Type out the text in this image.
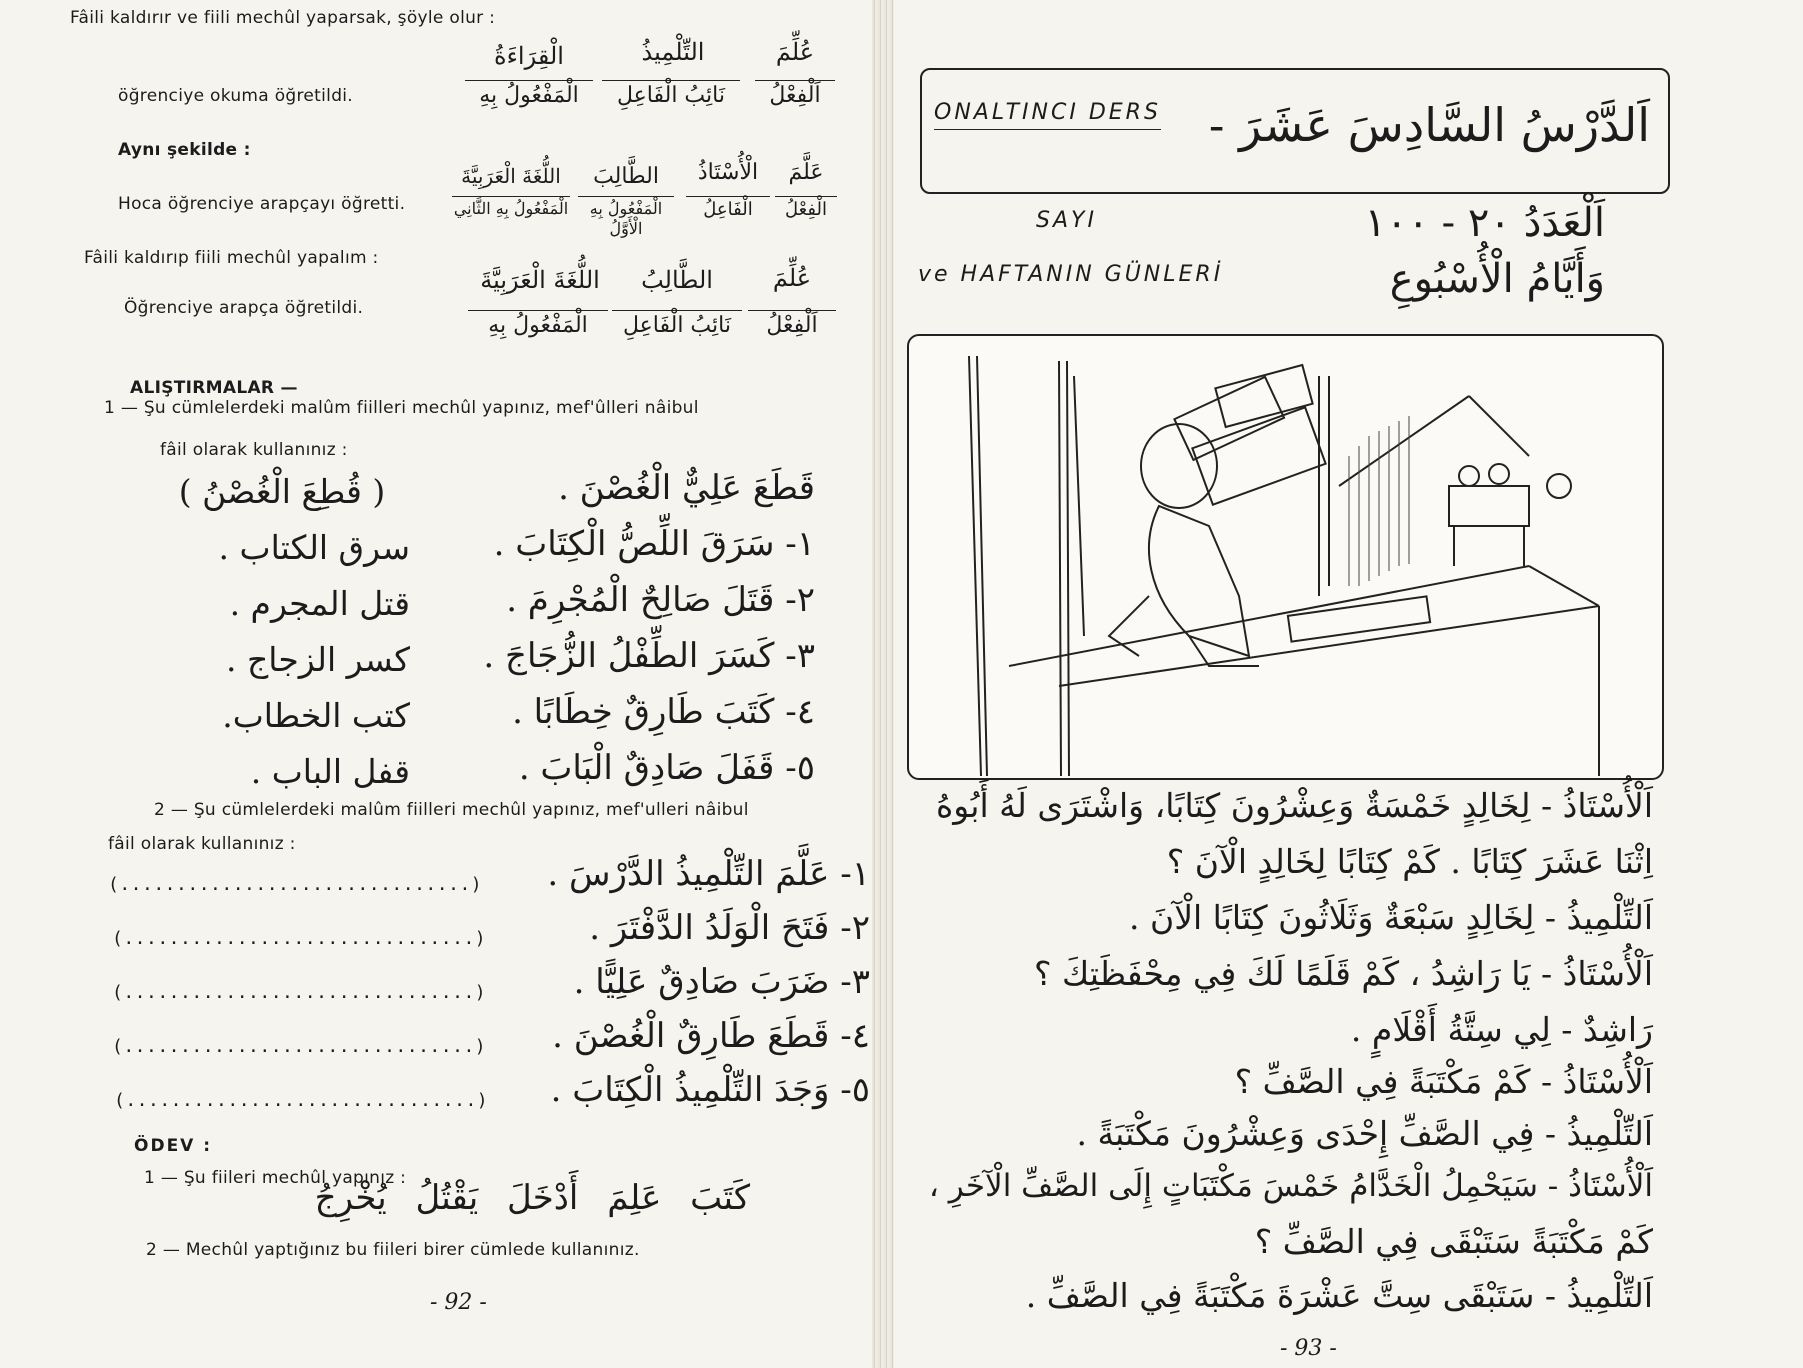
Fâili kaldırır ve fiili mechûl yaparsak, şöyle olur :
öğrenciye okuma öğretildi.
عُلِّمَ
التِّلْمِيذُ
الْقِرَاءَةُ
اَلْفِعْلُ
نَائِبُ الْفَاعِلِ
الْمَفْعُولُ بِهِ
Aynı şekilde :
Hoca öğrenciye arapçayı öğretti.
عَلَّمَ
الْأُسْتَاذُ
الطَّالِبَ
اللُّغَةَ الْعَرَبِيَّةَ
الْفِعْلُ
الْفَاعِلُ
الْمَفْعُولُ بِهِ الْأَوَّلُ
الْمَفْعُولُ بِهِ الثَّانِي
Fâili kaldırıp fiili mechûl yapalım :
Öğrenciye arapça öğretildi.
عُلِّمَ
الطَّالِبُ
اللُّغَةَ الْعَرَبِيَّةَ
اَلْفِعْلُ
نَائِبُ الْفَاعِلِ
الْمَفْعُولُ بِهِ
ALIŞTIRMALAR —
1 — Şu cümlelerdeki malûm fiilleri mechûl yapınız, mef'ûlleri nâibul
fâil olarak kullanınız :
قَطَعَ عَلِيٌّ الْغُصْنَ .
( قُطِعَ الْغُصْنُ )
١- سَرَقَ اللِّصُّ الْكِتَابَ .
سرق الكتاب .
٢- قَتَلَ صَالِحٌ الْمُجْرِمَ .
قتل المجرم .
٣- كَسَرَ الطِّفْلُ الزُّجَاجَ .
كسر الزجاج .
٤- كَتَبَ طَارِقٌ خِطَابًا .
كتب الخطاب.
٥- قَفَلَ صَادِقٌ الْبَابَ .
قفل الباب .
2 — Şu cümlelerdeki malûm fiilleri mechûl yapınız, mef'ulleri nâibul
fâil olarak kullanınız :
١- عَلَّمَ التِّلْمِيذُ الدَّرْسَ .
(...............................)
٢- فَتَحَ الْوَلَدُ الدَّفْتَرَ .
(...............................)
٣- ضَرَبَ صَادِقٌ عَلِيًّا .
(...............................)
٤- قَطَعَ طَارِقٌ الْغُصْنَ .
(...............................)
٥- وَجَدَ التِّلْمِيذُ الْكِتَابَ .
(...............................)
ÖDEV :
1 — Şu fiileri mechûl yapınız :
كَتَبَ عَلِمَ أَدْخَلَ يَقْتُلُ يُخْرِجُ
2 — Mechûl yaptığınız bu fiileri birer cümlede kullanınız.
- 92 -
ONALTINCI DERS اَلدَّرْسُ السَّادِسَ عَشَرَ -
SAYI	اَلْعَدَدُ ٢٠ - ١٠٠
ve HAFTANIN GÜNLERİ	وَأَيَّامُ الْأُسْبُوعِ
اَلْأُسْتَاذُ - لِخَالِدٍ خَمْسَةٌ وَعِشْرُونَ كِتَابًا، وَاشْتَرَى لَهُ أَبُوهُ
اِثْنَا عَشَرَ كِتَابًا . كَمْ كِتَابًا لِخَالِدٍ الْآنَ ؟
اَلتِّلْمِيذُ - لِخَالِدٍ سَبْعَةٌ وَثَلَاثُونَ كِتَابًا الْآنَ .
اَلْأُسْتَاذُ - يَا رَاشِدُ ، كَمْ قَلَمًا لَكَ فِي مِحْفَظَتِكَ ؟
رَاشِدٌ - لِي سِتَّةُ أَقْلَامٍ .
اَلْأُسْتَاذُ - كَمْ مَكْتَبَةً فِي الصَّفِّ ؟
اَلتِّلْمِيذُ - فِي الصَّفِّ إِحْدَى وَعِشْرُونَ مَكْتَبَةً .
اَلْأُسْتَاذُ - سَيَحْمِلُ الْخَدَّامُ خَمْسَ مَكْتَبَاتٍ إِلَى الصَّفِّ الْآخَرِ ،
كَمْ مَكْتَبَةً سَتَبْقَى فِي الصَّفِّ ؟
اَلتِّلْمِيذُ - سَتَبْقَى سِتَّ عَشْرَةَ مَكْتَبَةً فِي الصَّفِّ .
- 93 -
